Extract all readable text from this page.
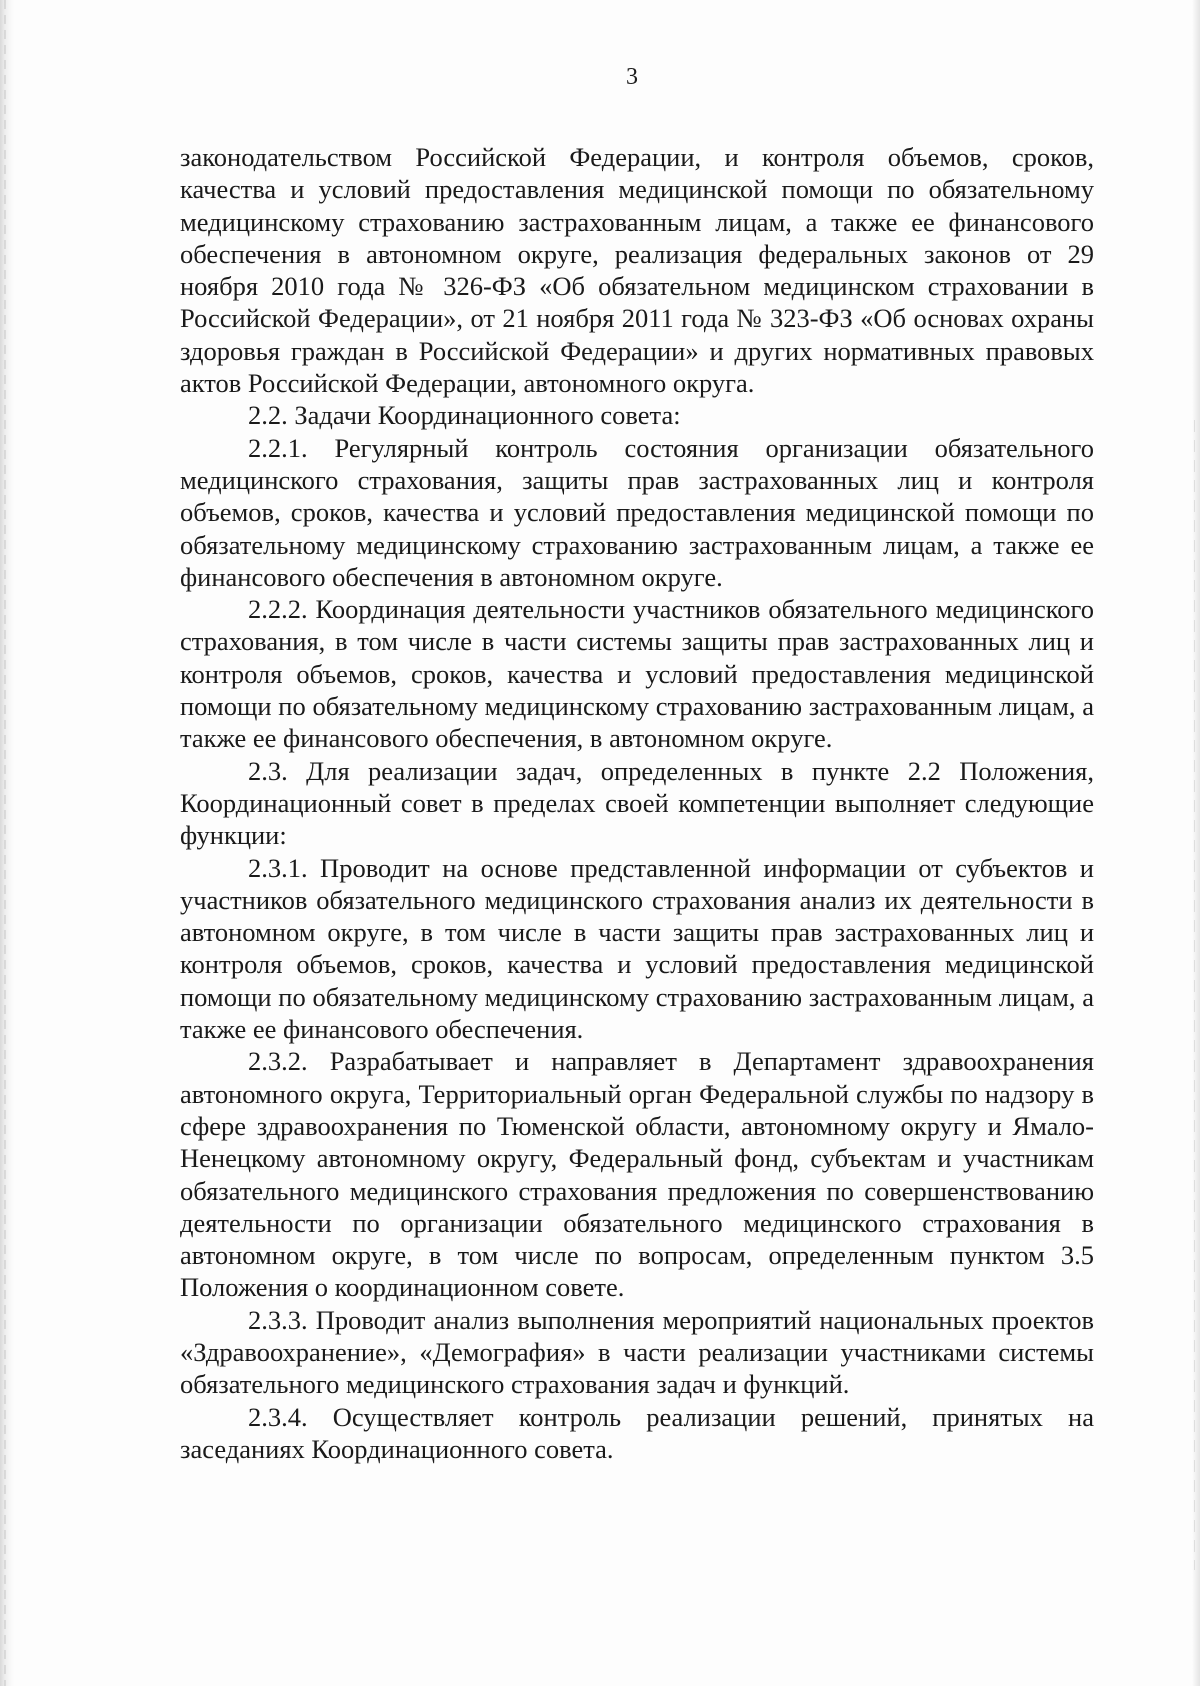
3

законодательством Российской Федерации, и контроля объемов, сроков, качества и условий предоставления медицинской помощи по обязательному медицинскому страхованию застрахованным лицам, а также ее финансового обеспечения в автономном округе, реализация федеральных законов от 29 ноября 2010 года № 326-ФЗ «Об обязательном медицинском страховании в Российской Федерации», от 21 ноября 2011 года № 323-ФЗ «Об основах охраны здоровья граждан в Российской Федерации» и других нормативных правовых актов Российской Федерации, автономного округа.

2.2. Задачи Координационного совета:

2.2.1. Регулярный контроль состояния организации обязательного медицинского страхования, защиты прав застрахованных лиц и контроля объемов, сроков, качества и условий предоставления медицинской помощи по обязательному медицинскому страхованию застрахованным лицам, а также ее финансового обеспечения в автономном округе.

2.2.2. Координация деятельности участников обязательного медицинского страхования, в том числе в части системы защиты прав застрахованных лиц и контроля объемов, сроков, качества и условий предоставления медицинской помощи по обязательному медицинскому страхованию застрахованным лицам, а также ее финансового обеспечения, в автономном округе.

2.3. Для реализации задач, определенных в пункте 2.2 Положения, Координационный совет в пределах своей компетенции выполняет следующие функции:

2.3.1. Проводит на основе представленной информации от субъектов и участников обязательного медицинского страхования анализ их деятельности в автономном округе, в том числе в части защиты прав застрахованных лиц и контроля объемов, сроков, качества и условий предоставления медицинской помощи по обязательному медицинскому страхованию застрахованным лицам, а также ее финансового обеспечения.

2.3.2. Разрабатывает и направляет в Департамент здравоохранения автономного округа, Территориальный орган Федеральной службы по надзору в сфере здравоохранения по Тюменской области, автономному округу и Ямало-Ненецкому автономному округу, Федеральный фонд, субъектам и участникам обязательного медицинского страхования предложения по совершенствованию деятельности по организации обязательного медицинского страхования в автономном округе, в том числе по вопросам, определенным пунктом 3.5 Положения о координационном совете.

2.3.3. Проводит анализ выполнения мероприятий национальных проектов «Здравоохранение», «Демография» в части реализации участниками системы обязательного медицинского страхования задач и функций.

2.3.4. Осуществляет контроль реализации решений, принятых на заседаниях Координационного совета.
